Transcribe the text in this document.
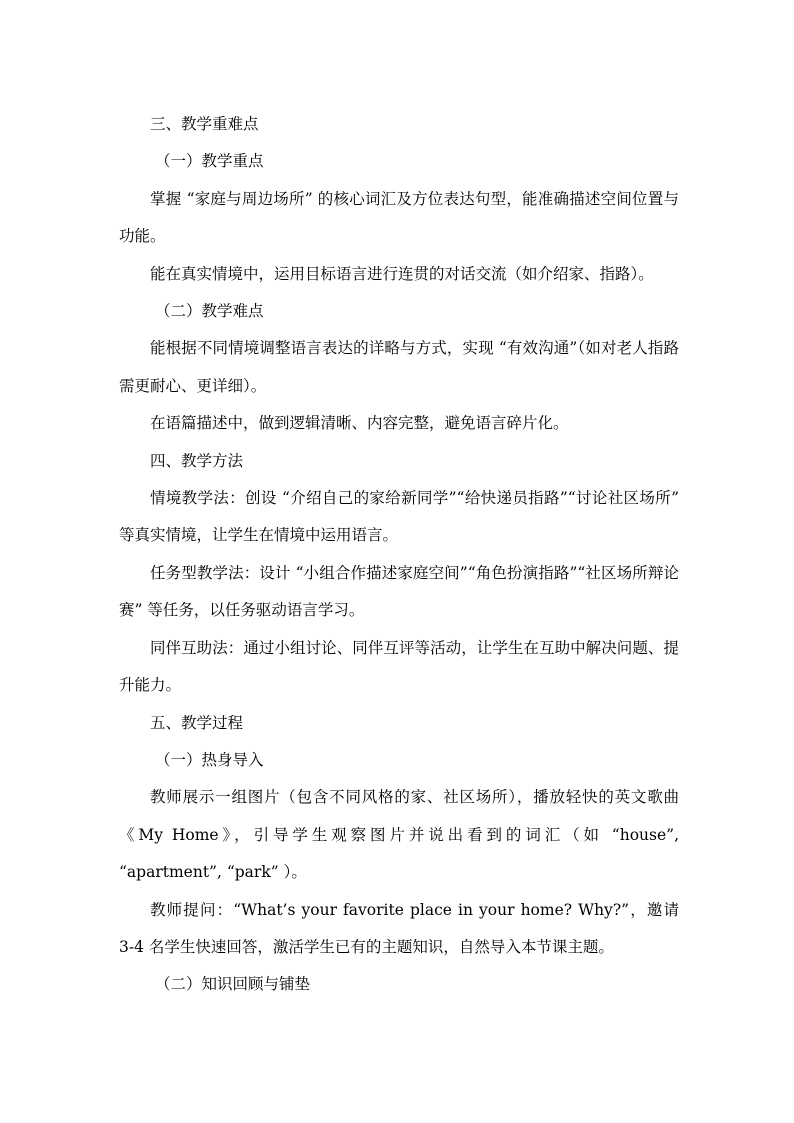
三、教学重难点

（一）教学重点

掌握 “家庭与周边场所” 的核心词汇及方位表达句型，能准确描述空间位置与功能。

能在真实情境中，运用目标语言进行连贯的对话交流（如介绍家、指路）。

（二）教学难点

能根据不同情境调整语言表达的详略与方式，实现 “有效沟通”（如对老人指路需更耐心、更详细）。

在语篇描述中，做到逻辑清晰、内容完整，避免语言碎片化。

四、教学方法

情境教学法：创设 “介绍自己的家给新同学”“给快递员指路”“讨论社区场所” 等真实情境，让学生在情境中运用语言。

任务型教学法：设计 “小组合作描述家庭空间”“角色扮演指路”“社区场所辩论赛” 等任务，以任务驱动语言学习。

同伴互助法：通过小组讨论、同伴互评等活动，让学生在互助中解决问题、提升能力。

五、教学过程

（一）热身导入

教师展示一组图片（包含不同风格的家、社区场所），播放轻快的英文歌曲《My Home》，引导学生观察图片并说出看到的词汇（如 “house”, “apartment”, “park” ）。

教师提问：“What’s your favorite place in your home? Why?”，邀请 3-4 名学生快速回答，激活学生已有的主题知识，自然导入本节课主题。

（二）知识回顾与铺垫
